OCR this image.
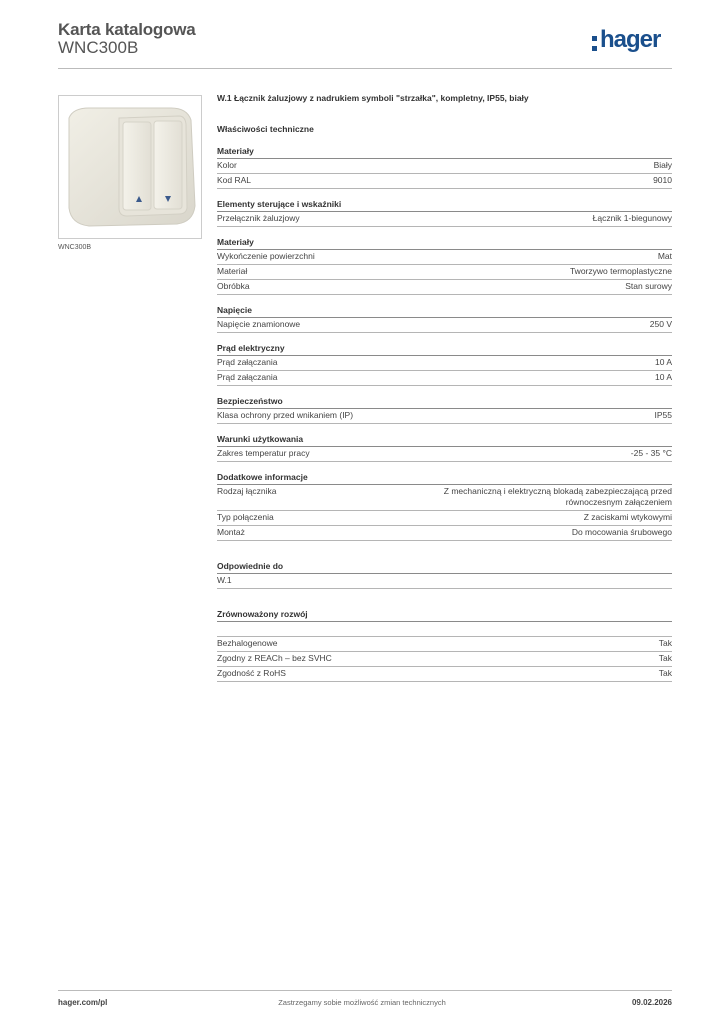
Karta katalogowa
WNC300B	hager
WNC300B
W.1 Łącznik żaluzjowy z nadrukiem symboli "strzałka", kompletny, IP55, biały
Właściwości techniczne
Materiały
Kolor	Biały
Kod RAL	9010
Elementy sterujące i wskaźniki
Przełącznik żaluzjowy	Łącznik 1-biegunowy
Materiały
Wykończenie powierzchni	Mat
Materiał	Tworzywo termoplastyczne
Obróbka	Stan surowy
Napięcie
Napięcie znamionowe	250 V
Prąd elektryczny
Prąd załączania	10 A
Prąd załączania	10 A
Bezpieczeństwo
Klasa ochrony przed wnikaniem (IP)	IP55
Warunki użytkowania
Zakres temperatur pracy	-25 - 35 °C
Dodatkowe informacje
Rodzaj łącznika	Z mechaniczną i elektryczną blokadą zabezpieczającą przed równoczesnym załączeniem
Typ połączenia	Z zaciskami wtykowymi
Montaż	Do mocowania śrubowego
Odpowiednie do
W.1
Zrównoważony rozwój
Bezhalogenowe	Tak
Zgodny z REACh – bez SVHC	Tak
Zgodność z RoHS	Tak
hager.com/pl	Zastrzegamy sobie możliwość zmian technicznych	09.02.2026
